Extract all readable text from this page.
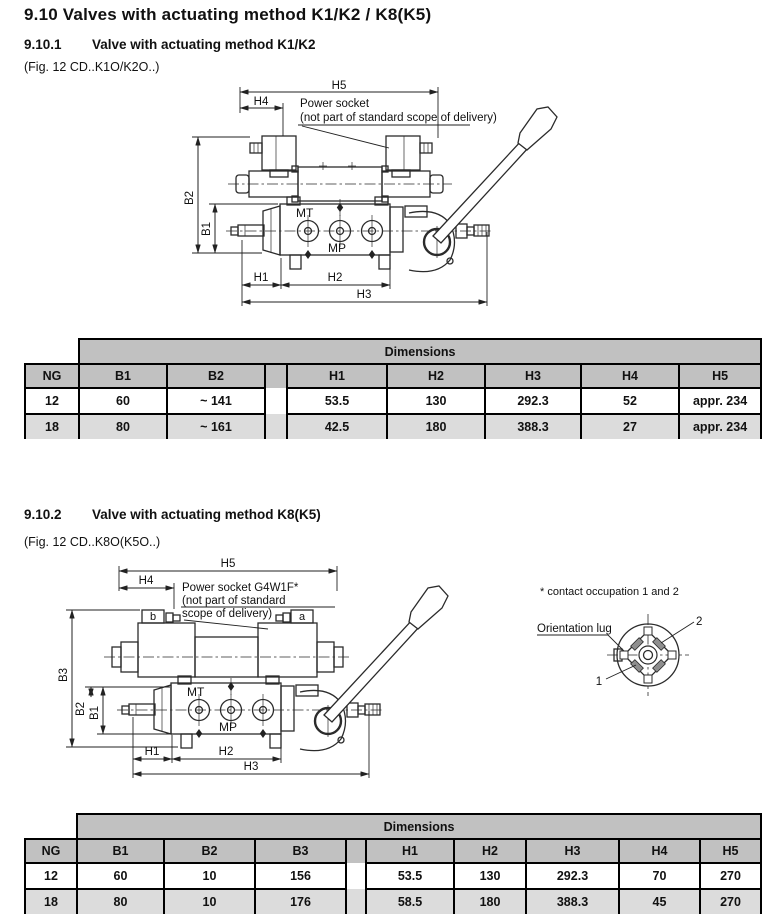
9.10 Valves with actuating method K1/K2 / K8(K5)
9.10.1	Valve with actuating method K1/K2
(Fig. 12 CD..K1O/K2O..)
H5
H4	Power socket
(not part of standard scope of delivery)
B2
B1
H1	H2
H3
	Dimensions							
NG	B1	B2		H1	H2	H3	H4	H5
12	60	~ 141		53.5	130	292.3	52	appr. 234
18	80	~ 161		42.5	180	388.3	27	appr. 234
9.10.2	Valve with actuating method K8(K5)
(Fig. 12 CD..K8O(K5O..)
b	a
H5
H4
Power socket G4W1F*
(not part of standard
scope of delivery)
B3
B2 B1
H1	H2
H3
* contact occupation 1 and 2
Orientation lug
2
1
	Dimensions								
NG	B1	B2	B3		H1	H2	H3	H4	H5
12	60	10	156		53.5	130	292.3	70	270
18	80	10	176		58.5	180	388.3	45	270
